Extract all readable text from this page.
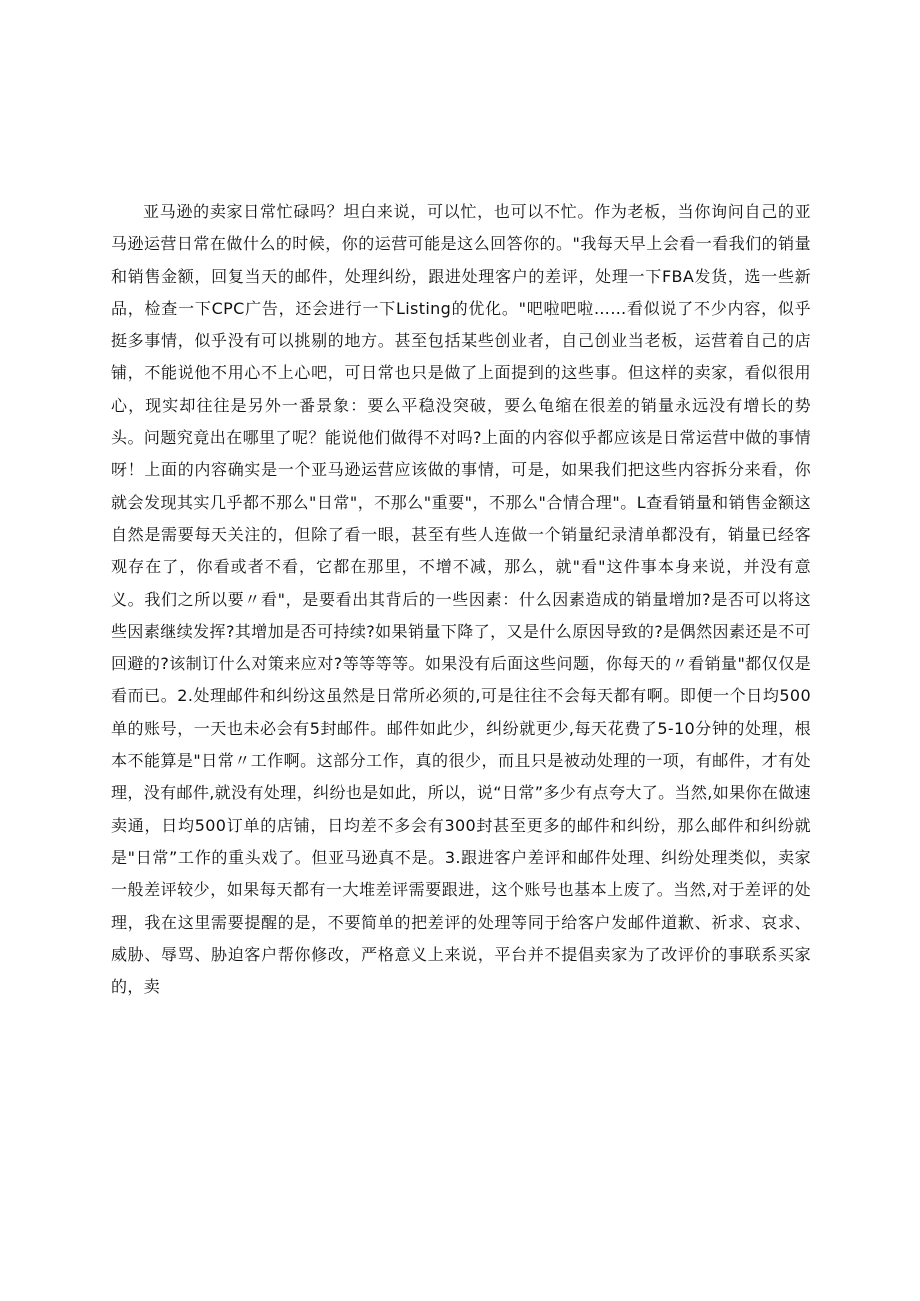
亚马逊的卖家日常忙碌吗？坦白来说，可以忙，也可以不忙。作为老板，当你询问自己的亚马逊运营日常在做什么的时候，你的运营可能是这么回答你的。"我每天早上会看一看我们的销量和销售金额，回复当天的邮件，处理纠纷，跟进处理客户的差评，处理一下FBA发货，选一些新品，检查一下CPC广告，还会进行一下Listing的优化。"吧啦吧啦……看似说了不少内容，似乎挺多事情，似乎没有可以挑剔的地方。甚至包括某些创业者，自己创业当老板，运营着自己的店铺，不能说他不用心不上心吧，可日常也只是做了上面提到的这些事。但这样的卖家，看似很用心，现实却往往是另外一番景象：要么平稳没突破，要么龟缩在很差的销量永远没有增长的势头。问题究竟出在哪里了呢？能说他们做得不对吗?上面的内容似乎都应该是日常运营中做的事情呀！上面的内容确实是一个亚马逊运营应该做的事情，可是，如果我们把这些内容拆分来看，你就会发现其实几乎都不那么"日常"，不那么"重要"，不那么"合情合理"。L查看销量和销售金额这自然是需要每天关注的，但除了看一眼，甚至有些人连做一个销量纪录清单都没有，销量已经客观存在了，你看或者不看，它都在那里，不增不减，那么，就"看"这件事本身来说，并没有意义。我们之所以要〃看"，是要看出其背后的一些因素：什么因素造成的销量增加?是否可以将这些因素继续发挥?其增加是否可持续?如果销量下降了，又是什么原因导致的?是偶然因素还是不可回避的?该制订什么对策来应对?等等等等。如果没有后面这些问题，你每天的〃看销量"都仅仅是看而已。2.处理邮件和纠纷这虽然是日常所必须的,可是往往不会每天都有啊。即便一个日均500单的账号，一天也未必会有5封邮件。邮件如此少，纠纷就更少,每天花费了5-10分钟的处理，根本不能算是"日常〃工作啊。这部分工作，真的很少，而且只是被动处理的一项，有邮件，才有处理，没有邮件,就没有处理，纠纷也是如此，所以，说“日常”多少有点夸大了。当然,如果你在做速卖通，日均500订单的店铺，日均差不多会有300封甚至更多的邮件和纠纷，那么邮件和纠纷就是"日常”工作的重头戏了。但亚马逊真不是。3.跟进客户差评和邮件处理、纠纷处理类似，卖家一般差评较少，如果每天都有一大堆差评需要跟进，这个账号也基本上废了。当然,对于差评的处理，我在这里需要提醒的是，不要简单的把差评的处理等同于给客户发邮件道歉、祈求、哀求、威胁、辱骂、胁迫客户帮你修改，严格意义上来说，平台并不提倡卖家为了改评价的事联系买家的，卖
